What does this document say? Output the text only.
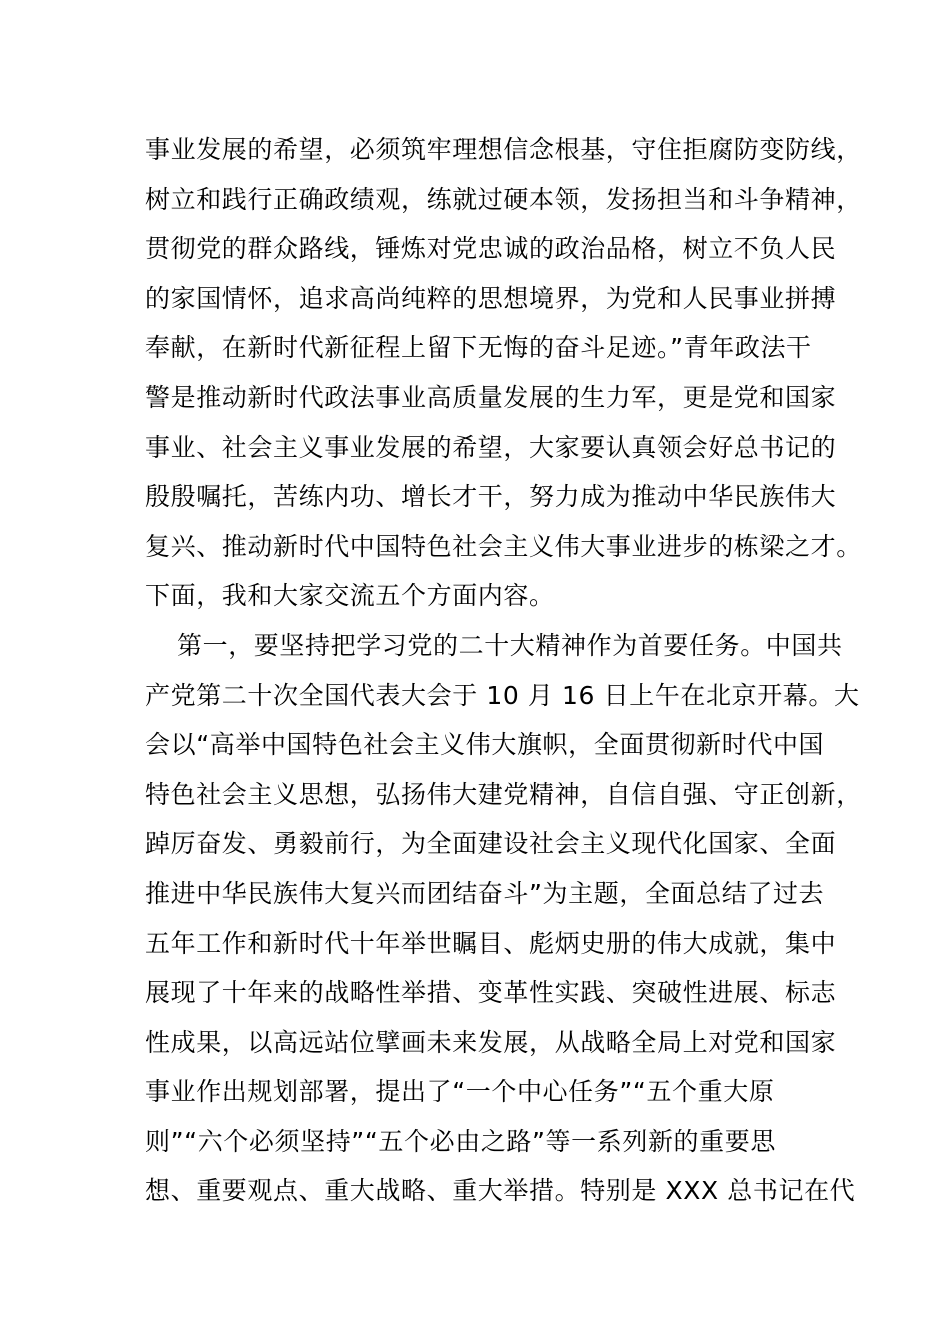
事业发展的希望，必须筑牢理想信念根基，守住拒腐防变防线，
树立和践行正确政绩观，练就过硬本领，发扬担当和斗争精神，
贯彻党的群众路线，锤炼对党忠诚的政治品格，树立不负人民
的家国情怀，追求高尚纯粹的思想境界，为党和人民事业拼搏
奉献，在新时代新征程上留下无悔的奋斗足迹。”青年政法干
警是推动新时代政法事业高质量发展的生力军，更是党和国家
事业、社会主义事业发展的希望，大家要认真领会好总书记的
殷殷嘱托，苦练内功、增长才干，努力成为推动中华民族伟大
复兴、推动新时代中国特色社会主义伟大事业进步的栋梁之才。
下面，我和大家交流五个方面内容。
第一，要坚持把学习党的二十大精神作为首要任务。中国共
产党第二十次全国代表大会于 10 月 16 日上午在北京开幕。大
会以“高举中国特色社会主义伟大旗帜，全面贯彻新时代中国
特色社会主义思想，弘扬伟大建党精神，自信自强、守正创新，
踔厉奋发、勇毅前行，为全面建设社会主义现代化国家、全面
推进中华民族伟大复兴而团结奋斗”为主题，全面总结了过去
五年工作和新时代十年举世瞩目、彪炳史册的伟大成就，集中
展现了十年来的战略性举措、变革性实践、突破性进展、标志
性成果，以高远站位擘画未来发展，从战略全局上对党和国家
事业作出规划部署，提出了“一个中心任务”“五个重大原
则”“六个必须坚持”“五个必由之路”等一系列新的重要思
想、重要观点、重大战略、重大举措。特别是 XXX 总书记在代
